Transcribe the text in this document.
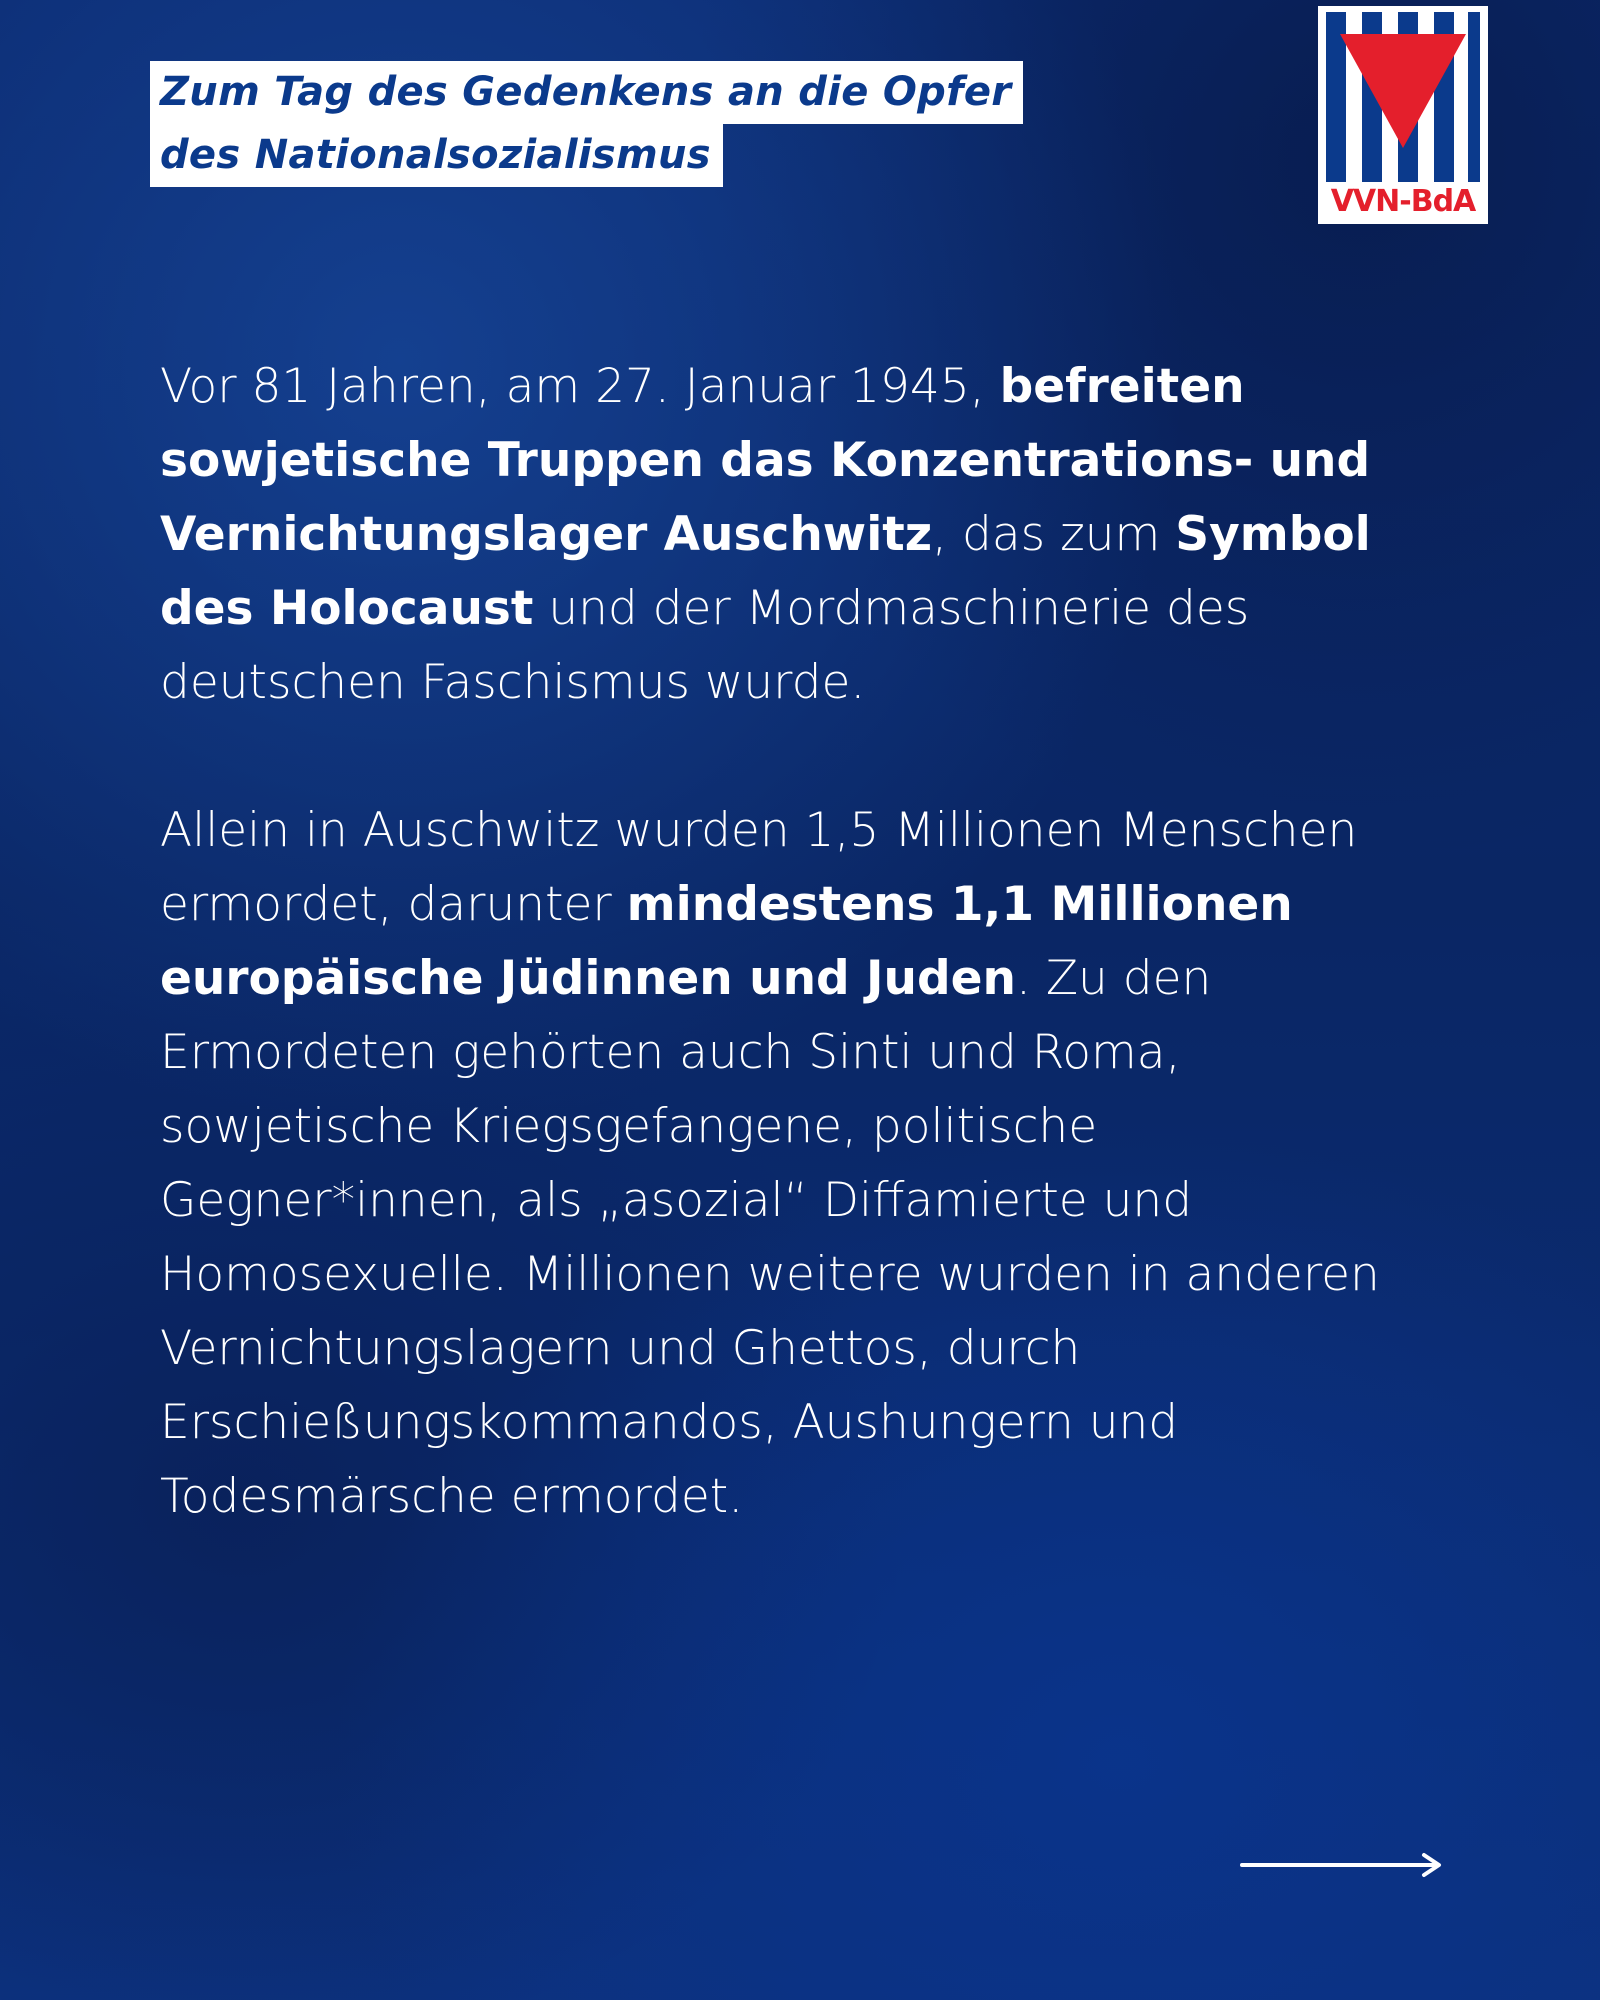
Zum Tag des Gedenkens an die Opfer
des Nationalsozialismus
VVN-BdA

Vor 81 Jahren, am 27. Januar 1945, befreiten sowjetische Truppen das Konzentrations- und Vernichtungslager Auschwitz, das zum Symbol des Holocaust und der Mordmaschinerie des deutschen Faschismus wurde.

Allein in Auschwitz wurden 1,5 Millionen Menschen ermordet, darunter mindestens 1,1 Millionen europäische Jüdinnen und Juden. Zu den Ermordeten gehörten auch Sinti und Roma, sowjetische Kriegsgefangene, politische Gegner*innen, als „asozial“ Diffamierte und Homosexuelle. Millionen weitere wurden in anderen Vernichtungslagern und Ghettos, durch Erschießungskommandos, Aushungern und Todesmärsche ermordet.
